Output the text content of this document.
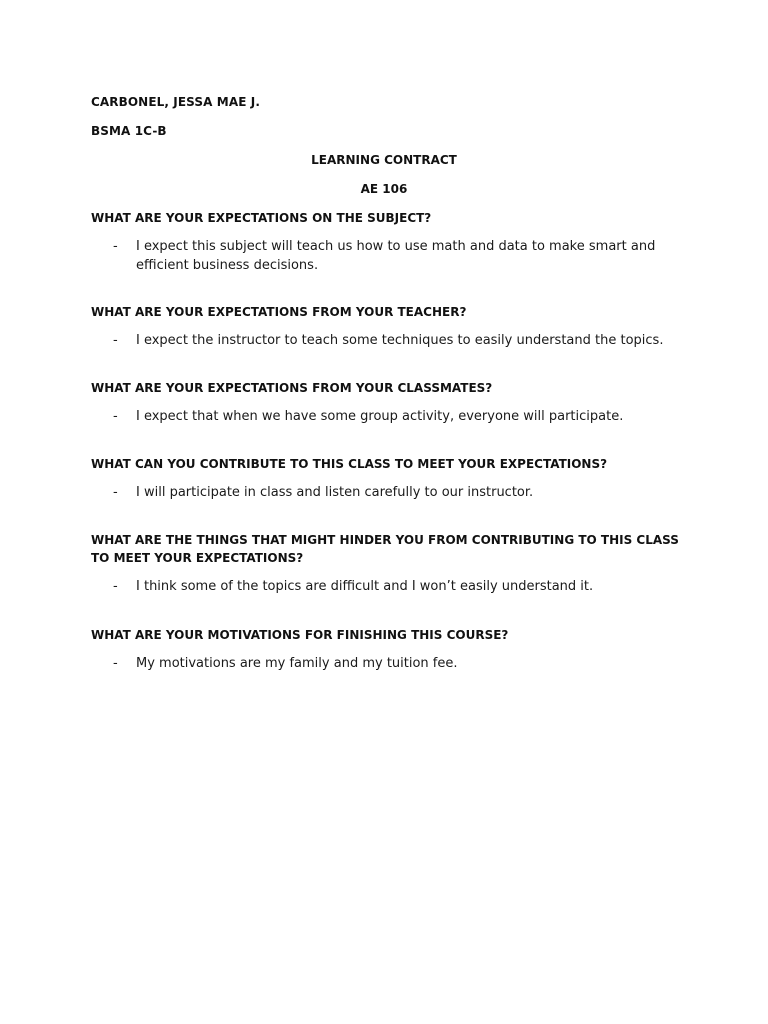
CARBONEL, JESSA MAE J.
BSMA 1C-B
LEARNING CONTRACT
AE 106

WHAT ARE YOUR EXPECTATIONS ON THE SUBJECT?

- I expect this subject will teach us how to use math and data to make smart and efficient business decisions.

WHAT ARE YOUR EXPECTATIONS FROM YOUR TEACHER?

- I expect the instructor to teach some techniques to easily understand the topics.

WHAT ARE YOUR EXPECTATIONS FROM YOUR CLASSMATES?

- I expect that when we have some group activity, everyone will participate.

WHAT CAN YOU CONTRIBUTE TO THIS CLASS TO MEET YOUR EXPECTATIONS?

- I will participate in class and listen carefully to our instructor.

WHAT ARE THE THINGS THAT MIGHT HINDER YOU FROM CONTRIBUTING TO THIS CLASS TO MEET YOUR EXPECTATIONS?

- I think some of the topics are difficult and I won’t easily understand it.

WHAT ARE YOUR MOTIVATIONS FOR FINISHING THIS COURSE?

- My motivations are my family and my tuition fee.
